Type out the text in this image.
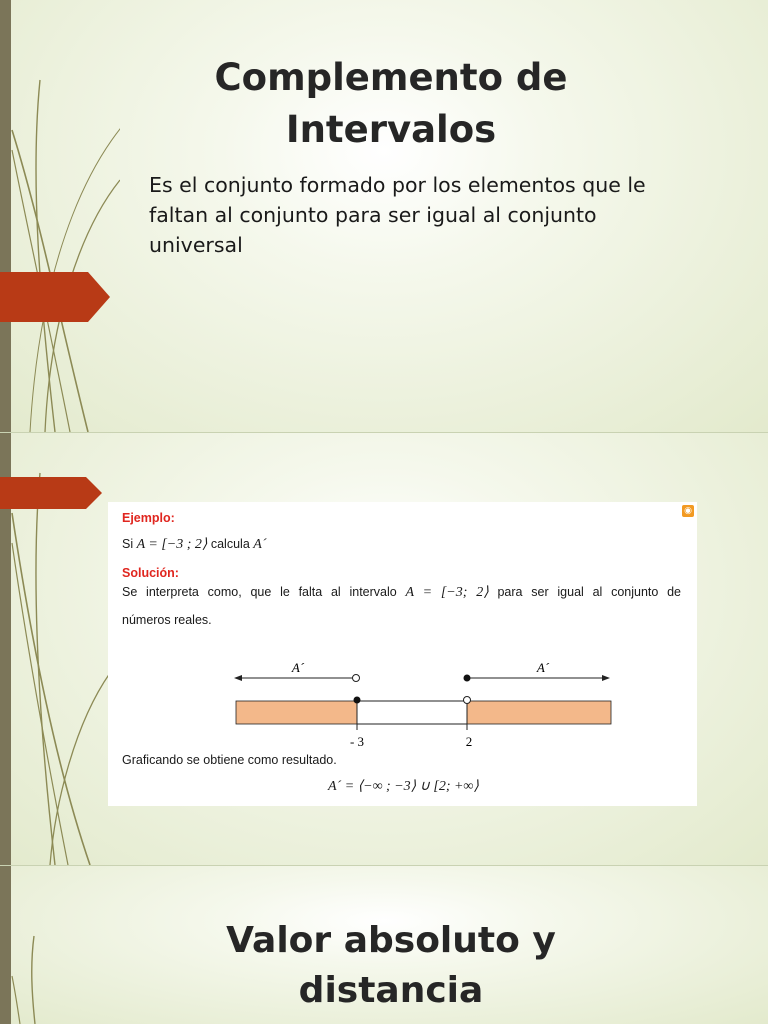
Complemento de
Intervalos
Es el conjunto formado por los elementos que le faltan al conjunto para ser igual al conjunto universal
◉
Ejemplo:
Si A = [−3 ; 2⟩ calcula A´
Solución:
Se interpreta como, que le falta al intervalo A = [−3; 2⟩ para ser igual al conjunto de
números reales.
A´	A´
- 3	2
Graficando se obtiene como resultado.
A´ = ⟨−∞ ; −3⟩ ∪ [2; +∞⟩
Valor absoluto y
distancia
